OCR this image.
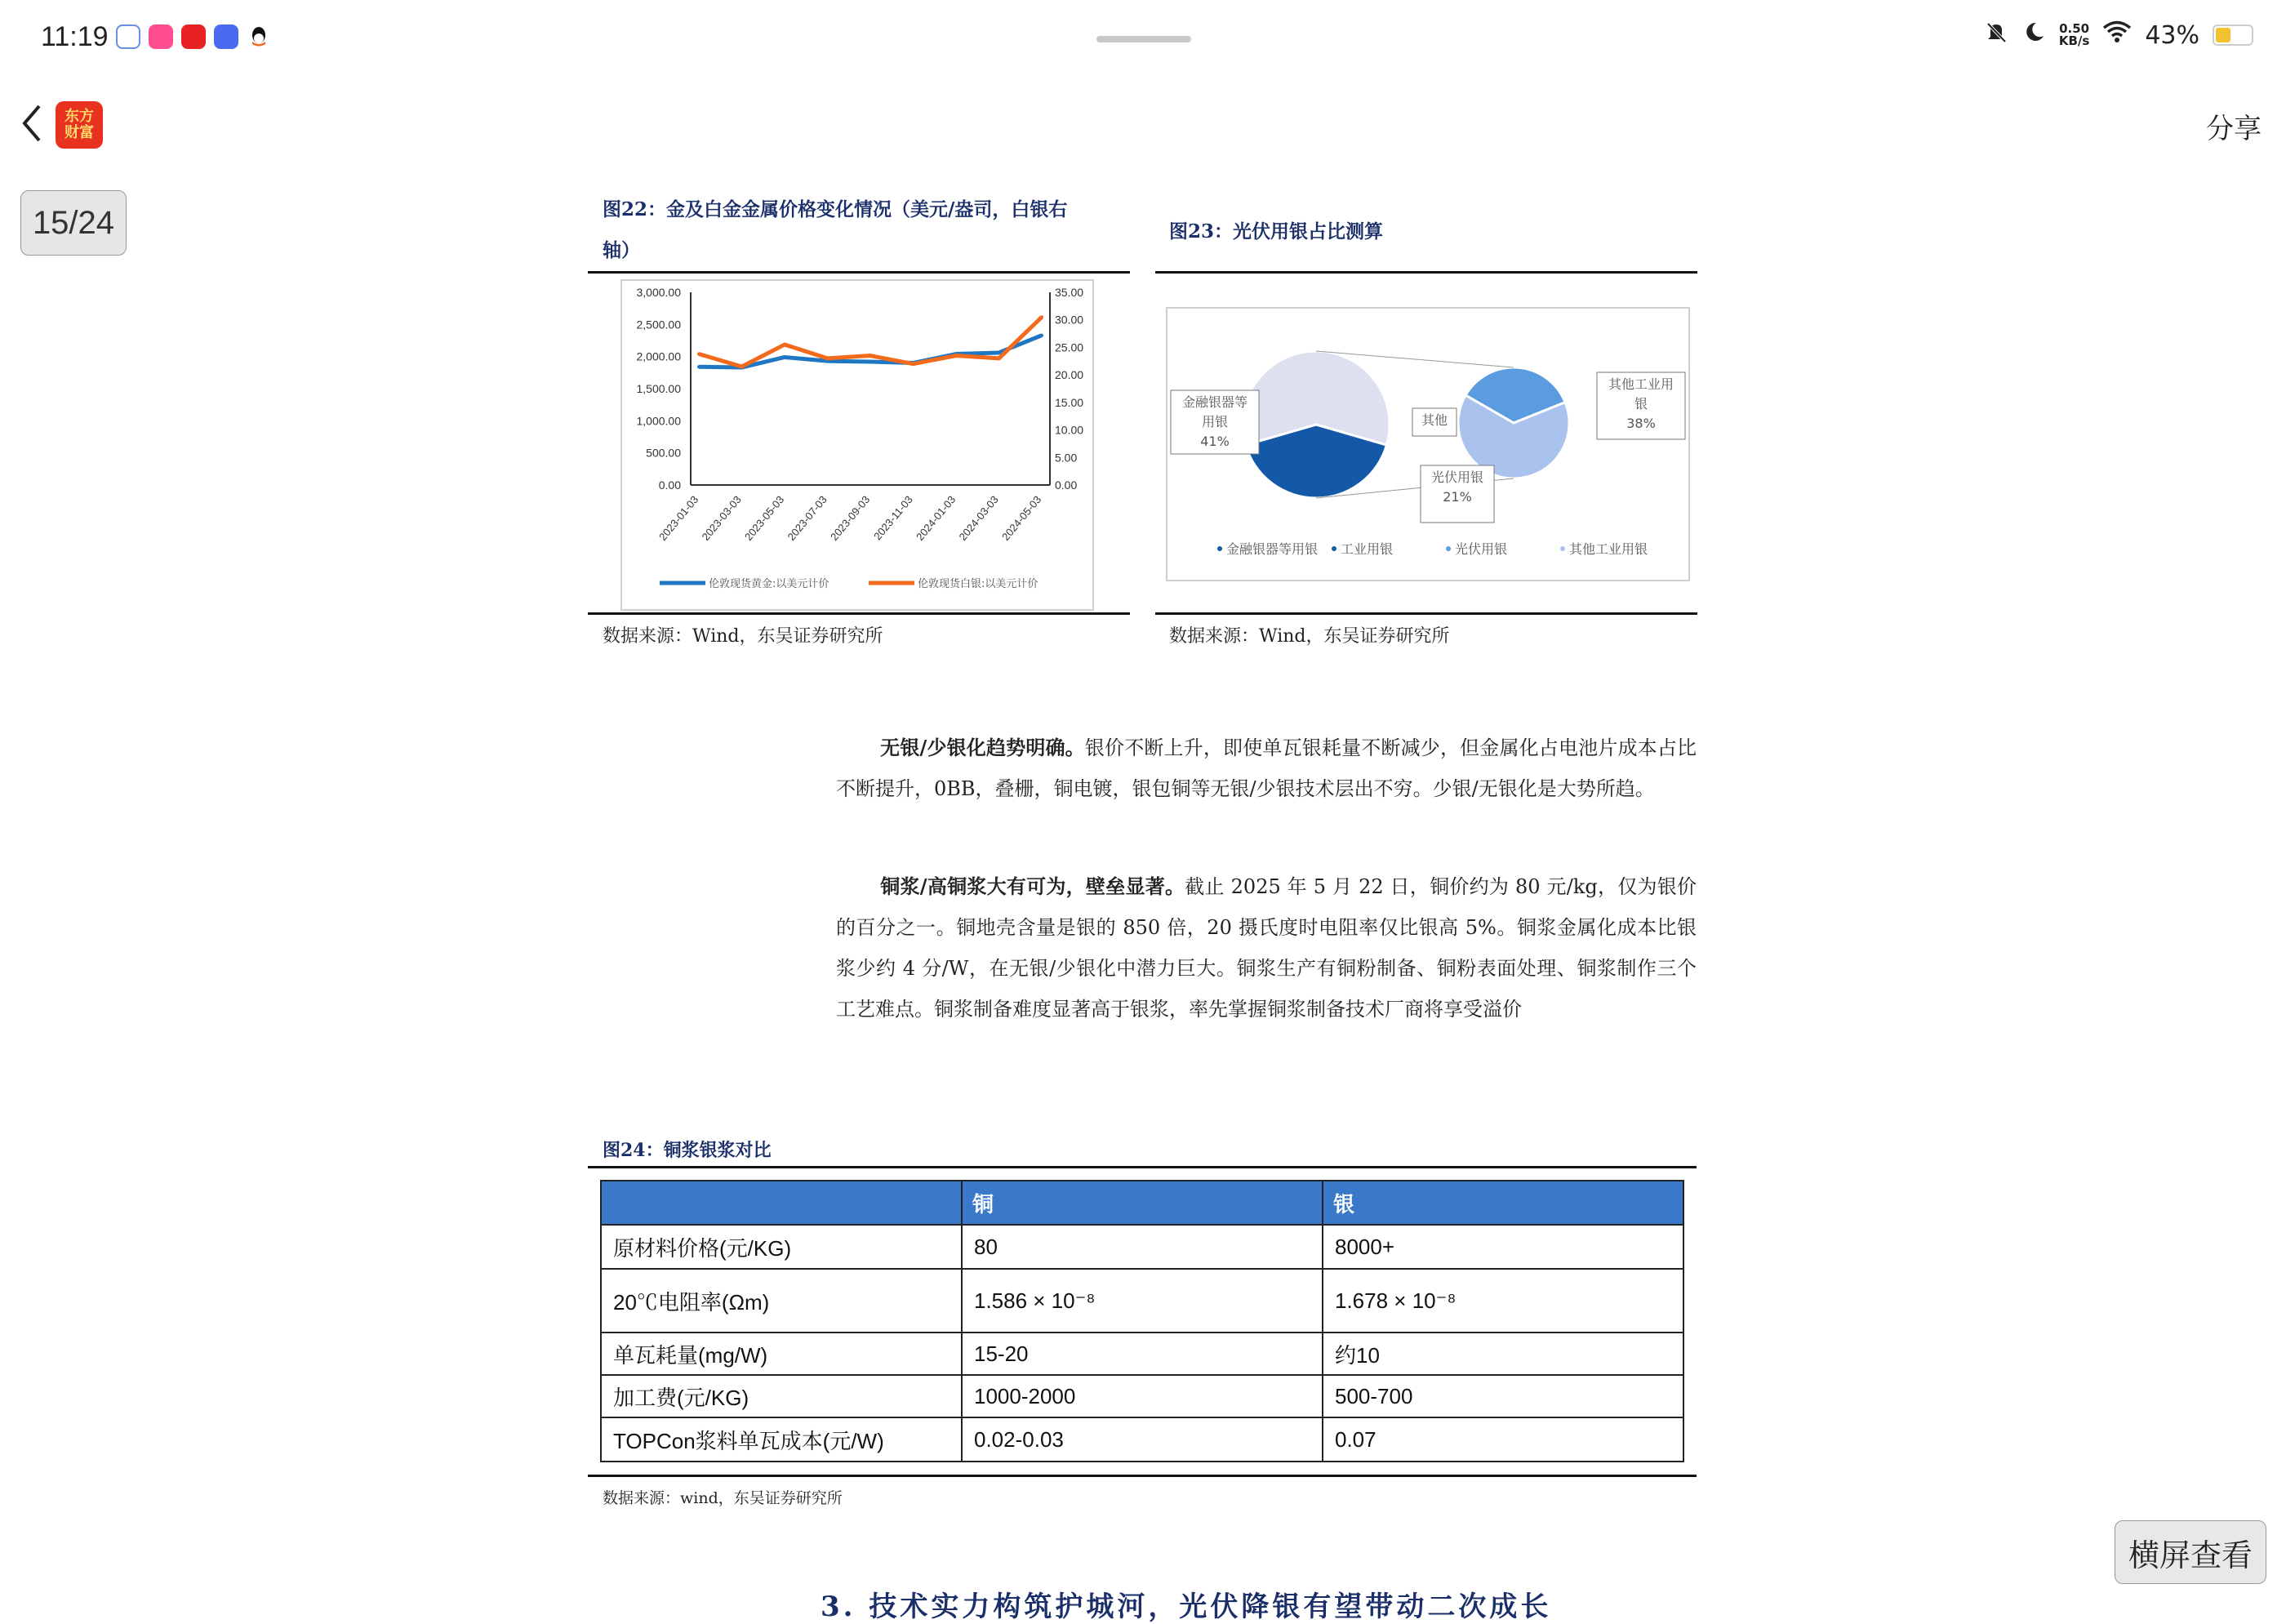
11:19	0.50
KB/s 43%
东方
财富	分享
15/24	图22：金及白金金属价格变化情况（美元/盎司，白银右
轴）
3,000.00
2,500.00
2,000.00
1,500.00
1,000.00
500.00
0.00
35.00
30.00
25.00
20.00
15.00
10.00
5.00
0.00
2023-01-03
2023-03-03
2023-05-03
2023-07-03
2023-09-03
2023-11-03
2024-01-03
2024-03-03
2024-05-03
伦敦现货黄金:以美元计价	伦敦现货白银:以美元计价
数据来源：Wind，东吴证券研究所
图23：光伏用银占比测算
金融银器等
用银
41%
其他
光伏用银
21%
其他工业用
银
38%
金融银器等用银 工业用银	光伏用银	其他工业用银
数据来源：Wind，东吴证券研究所
无银/少银化趋势明确。银价不断上升，即使单瓦银耗量不断减少，但金属化占电池片成本占比不断提升，0BB，叠栅，铜电镀，银包铜等无银/少银技术层出不穷。少银/无银化是大势所趋。
铜浆/高铜浆大有可为，壁垒显著。截止 2025 年 5 月 22 日，铜价约为 80 元/kg，仅为银价的百分之一。铜地壳含量是银的 850 倍，20 摄氏度时电阻率仅比银高 5%。铜浆金属化成本比银浆少约 4 分/W，在无银/少银化中潜力巨大。铜浆生产有铜粉制备、铜粉表面处理、铜浆制作三个工艺难点。铜浆制备难度显著高于银浆，率先掌握铜浆制备技术厂商将享受溢价
图24：铜浆银浆对比
	铜	银
原材料价格(元/KG)	80	8000+
20℃电阻率(Ωm)	1.586 × 10⁻⁸	1.678 × 10⁻⁸
单瓦耗量(mg/W)	15-20	约10
加工费(元/KG)	1000-2000	500-700
TOPCon浆料单瓦成本(元/W)	0.02-0.03	0.07
数据来源：wind，东吴证券研究所
3. 技术实力构筑护城河，光伏降银有望带动二次成长
横屏查看
